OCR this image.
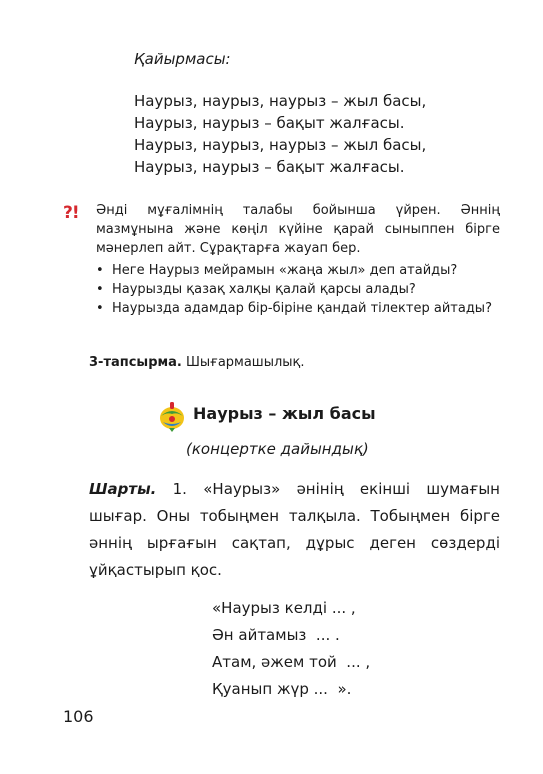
Қайырмасы:
Наурыз, наурыз, наурыз – жыл басы,
Наурыз, наурыз – бақыт жалғасы.
Наурыз, наурыз, наурыз – жыл басы,
Наурыз, наурыз – бақыт жалғасы.
?! Әнді мұғалімнің талабы бойынша үйрен. Әннің мазмұнына және көңіл күйіне қарай сыныппен бірге мәнерлеп айт. Сұрақтарға жауап бер.
• Неге Наурыз мейрамын «жаңа жыл» деп атайды?
• Наурызды қазақ халқы қалай қарсы алады?
• Наурызда адамдар бір-біріне қандай тілектер айтады?
3-тапсырма. Шығармашылық.
Наурыз – жыл басы
(концертке дайындық)
Шарты. 1. «Наурыз» әнінің екінші шумағын шығар. Оны тобыңмен талқыла. Тобыңмен бірге әннің ырғағын сақтап, дұрыс деген сөздерді ұйқастырып қос.
«Наурыз келді ... ,
Ән айтамыз  ... .
Атам, әжем той  ... ,
Қуанып жүр ...  ».
106
